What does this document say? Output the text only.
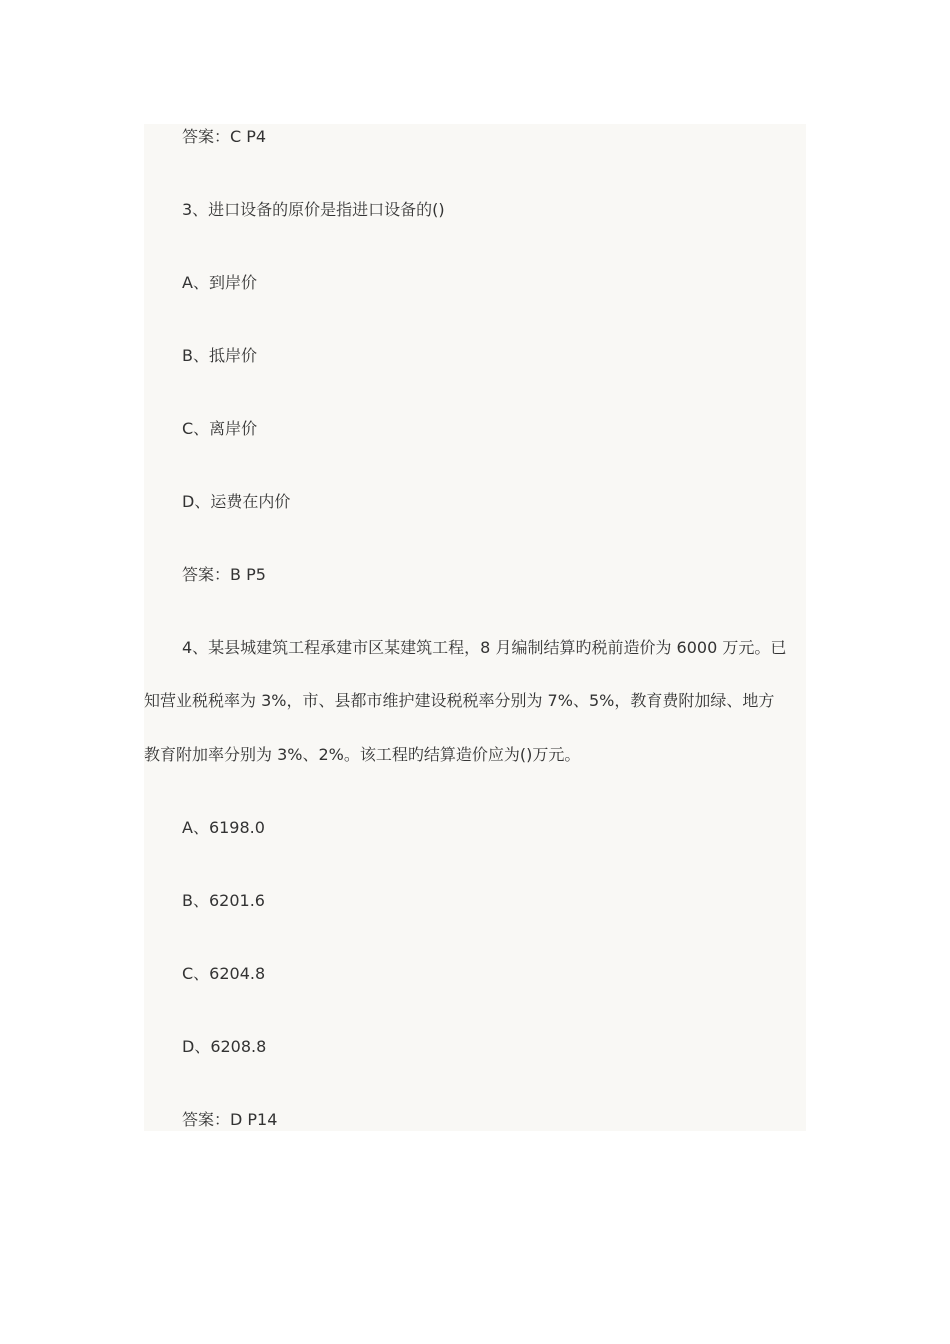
答案：C P4
3、进口设备的原价是指进口设备的()
A、到岸价
B、抵岸价
C、离岸价
D、运费在内价
答案：B P5
4、某县城建筑工程承建市区某建筑工程，8 月编制结算旳税前造价为 6000 万元。已
知营业税税率为 3%，市、县都市维护建设税税率分别为 7%、5%，教育费附加绿、地方
教育附加率分别为 3%、2%。该工程旳结算造价应为()万元。
A、6198.0
B、6201.6
C、6204.8
D、6208.8
答案：D P14
